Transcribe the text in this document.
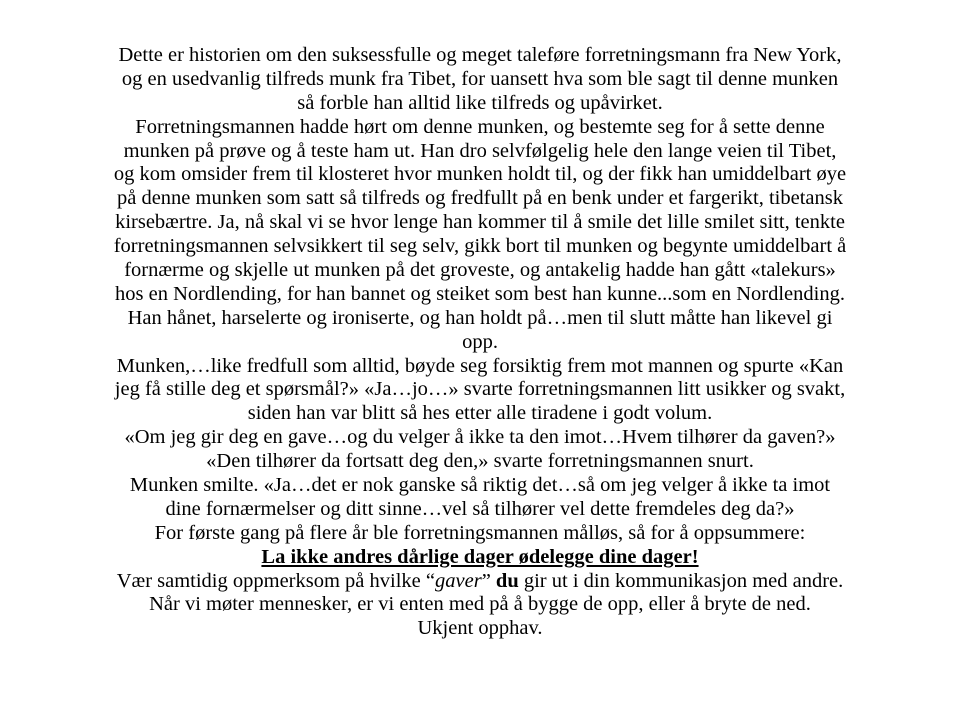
Dette er historien om den suksessfulle og meget taleføre forretningsmann fra New York,
og en usedvanlig tilfreds munk fra Tibet, for uansett hva som ble sagt til denne munken
så forble han alltid like tilfreds og upåvirket.
Forretningsmannen hadde hørt om denne munken, og bestemte seg for å sette denne
munken på prøve og å teste ham ut. Han dro selvfølgelig hele den lange veien til Tibet,
og kom omsider frem til klosteret hvor munken holdt til, og der fikk han umiddelbart øye
på denne munken som satt så tilfreds og fredfullt på en benk under et fargerikt, tibetansk
kirsebærtre. Ja, nå skal vi se hvor lenge han kommer til å smile det lille smilet sitt, tenkte
forretningsmannen selvsikkert til seg selv, gikk bort til munken og begynte umiddelbart å
fornærme og skjelle ut munken på det groveste, og antakelig hadde han gått «talekurs»
hos en Nordlending, for han bannet og steiket som best han kunne...som en Nordlending.
Han hånet, harselerte og ironiserte, og han holdt på…men til slutt måtte han likevel gi
opp.
Munken,…like fredfull som alltid, bøyde seg forsiktig frem mot mannen og spurte «Kan
jeg få stille deg et spørsmål?» «Ja…jo…» svarte forretningsmannen litt usikker og svakt,
siden han var blitt så hes etter alle tiradene i godt volum.
«Om jeg gir deg en gave…og du velger å ikke ta den imot…Hvem tilhører da gaven?»
«Den tilhører da fortsatt deg den,» svarte forretningsmannen snurt.
Munken smilte. «Ja…det er nok ganske så riktig det…så om jeg velger å ikke ta imot
dine fornærmelser og ditt sinne…vel så tilhører vel dette fremdeles deg da?»
For første gang på flere år ble forretningsmannen målløs, så for å oppsummere:
La ikke andres dårlige dager ødelegge dine dager!
Vær samtidig oppmerksom på hvilke “gaver” du gir ut i din kommunikasjon med andre.
Når vi møter mennesker, er vi enten med på å bygge de opp, eller å bryte de ned.
Ukjent opphav.
